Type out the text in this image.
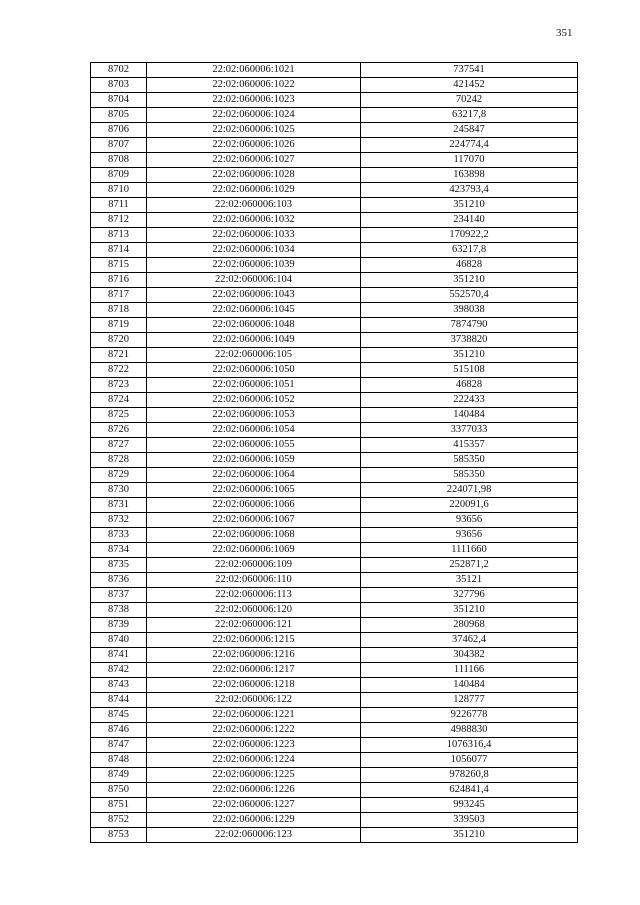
351
8702	22:02:060006:1021	737541
8703	22:02:060006:1022	421452
8704	22:02:060006:1023	70242
8705	22:02:060006:1024	63217,8
8706	22:02:060006:1025	245847
8707	22:02:060006:1026	224774,4
8708	22:02:060006:1027	117070
8709	22:02:060006:1028	163898
8710	22:02:060006:1029	423793,4
8711	22:02:060006:103	351210
8712	22:02:060006:1032	234140
8713	22:02:060006:1033	170922,2
8714	22:02:060006:1034	63217,8
8715	22:02:060006:1039	46828
8716	22:02:060006:104	351210
8717	22:02:060006:1043	552570,4
8718	22:02:060006:1045	398038
8719	22:02:060006:1048	7874790
8720	22:02:060006:1049	3738820
8721	22:02:060006:105	351210
8722	22:02:060006:1050	515108
8723	22:02:060006:1051	46828
8724	22:02:060006:1052	222433
8725	22:02:060006:1053	140484
8726	22:02:060006:1054	3377033
8727	22:02:060006:1055	415357
8728	22:02:060006:1059	585350
8729	22:02:060006:1064	585350
8730	22:02:060006:1065	224071,98
8731	22:02:060006:1066	220091,6
8732	22:02:060006:1067	93656
8733	22:02:060006:1068	93656
8734	22:02:060006:1069	1111660
8735	22:02:060006:109	252871,2
8736	22:02:060006:110	35121
8737	22:02:060006:113	327796
8738	22:02:060006:120	351210
8739	22:02:060006:121	280968
8740	22:02:060006:1215	37462,4
8741	22:02:060006:1216	304382
8742	22:02:060006:1217	111166
8743	22:02:060006:1218	140484
8744	22:02:060006:122	128777
8745	22:02:060006:1221	9226778
8746	22:02:060006:1222	4988830
8747	22:02:060006:1223	1076316,4
8748	22:02:060006:1224	1056077
8749	22:02:060006:1225	978260,8
8750	22:02:060006:1226	624841,4
8751	22:02:060006:1227	993245
8752	22:02:060006:1229	339503
8753	22:02:060006:123	351210
